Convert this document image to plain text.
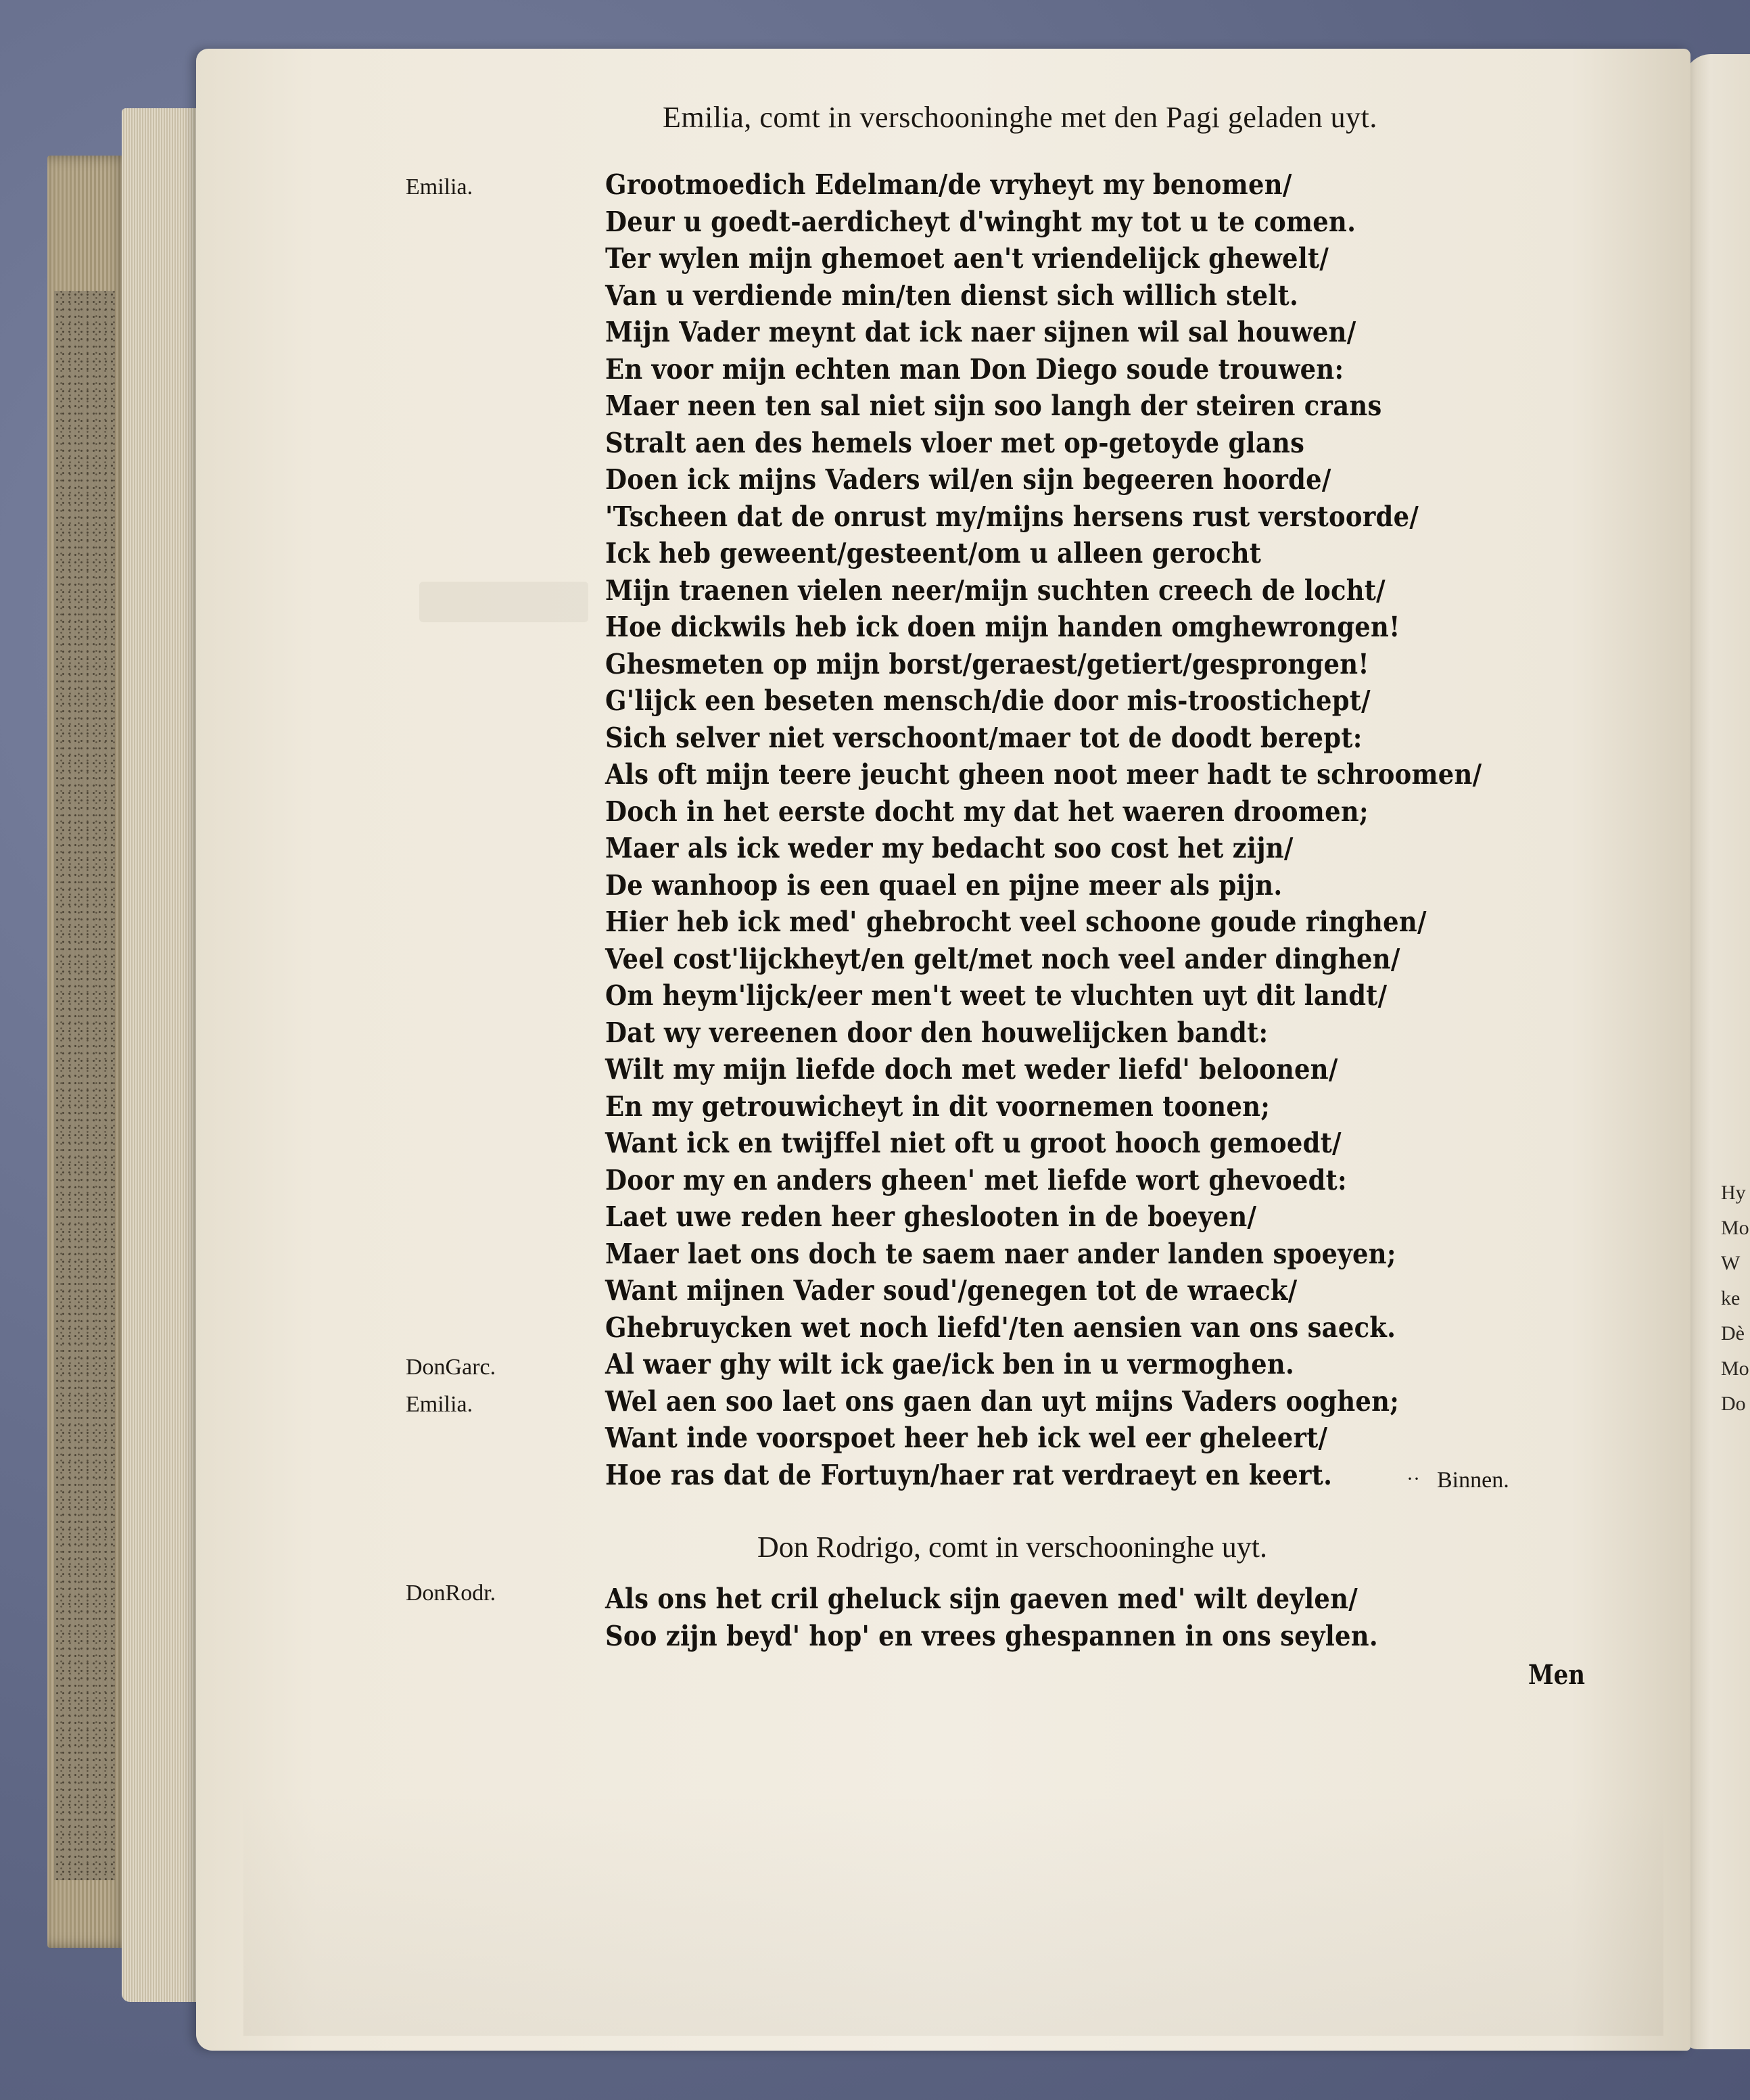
Emilia, comt in verschooninghe met den Pagi geladen uyt.
Emilia.
DonGarc.
Emilia.
DonRodr.
Grootmoedich Edelman/de vryheyt my benomen/
Deur u goedt-aerdicheyt d'winght my tot u te comen.
Ter wylen mijn ghemoet aen't vriendelijck ghewelt/
Van u verdiende min/ten dienst sich willich stelt.
Mijn Vader meynt dat ick naer sijnen wil sal houwen/
En voor mijn echten man Don Diego soude trouwen:
Maer neen ten sal niet sijn soo langh der steiren crans
Stralt aen des hemels vloer met op-getoyde glans
Doen ick mijns Vaders wil/en sijn begeeren hoorde/
'Tscheen dat de onrust my/mijns hersens rust verstoorde/
Ick heb geweent/gesteent/om u alleen gerocht
Mijn traenen vielen neer/mijn suchten creech de locht/
Hoe dickwils heb ick doen mijn handen omghewrongen!
Ghesmeten op mijn borst/geraest/getiert/gesprongen!
G'lijck een beseten mensch/die door mis-troostichept/
Sich selver niet verschoont/maer tot de doodt berept:
Als oft mijn teere jeucht gheen noot meer hadt te schroomen/
Doch in het eerste docht my dat het waeren droomen;
Maer als ick weder my bedacht soo cost het zijn/
De wanhoop is een quael en pijne meer als pijn.
Hier heb ick med' ghebrocht veel schoone goude ringhen/
Veel cost'lijckheyt/en gelt/met noch veel ander dinghen/
Om heym'lijck/eer men't weet te vluchten uyt dit landt/
Dat wy vereenen door den houwelijcken bandt:
Wilt my mijn liefde doch met weder liefd' beloonen/
En my getrouwicheyt in dit voornemen toonen;
Want ick en twijffel niet oft u groot hooch gemoedt/
Door my en anders gheen' met liefde wort ghevoedt:
Laet uwe reden heer gheslooten in de boeyen/
Maer laet ons doch te saem naer ander landen spoeyen;
Want mijnen Vader soud'/genegen tot de wraeck/
Ghebruycken wet noch liefd'/ten aensien van ons saeck.
Al waer ghy wilt ick gae/ick ben in u vermoghen.
Wel aen soo laet ons gaen dan uyt mijns Vaders ooghen;
Want inde voorspoet heer heb ick wel eer gheleert/
Hoe ras dat de Fortuyn/haer rat verdraeyt en keert.	·· Binnen.
Don Rodrigo, comt in verschooninghe uyt.
Als ons het cril gheluck sijn gaeven med' wilt deylen/
Soo zijn beyd' hop' en vrees ghespannen in ons seylen.
Men
Hy
Mo
W
ke
Dè
Mo
Do
